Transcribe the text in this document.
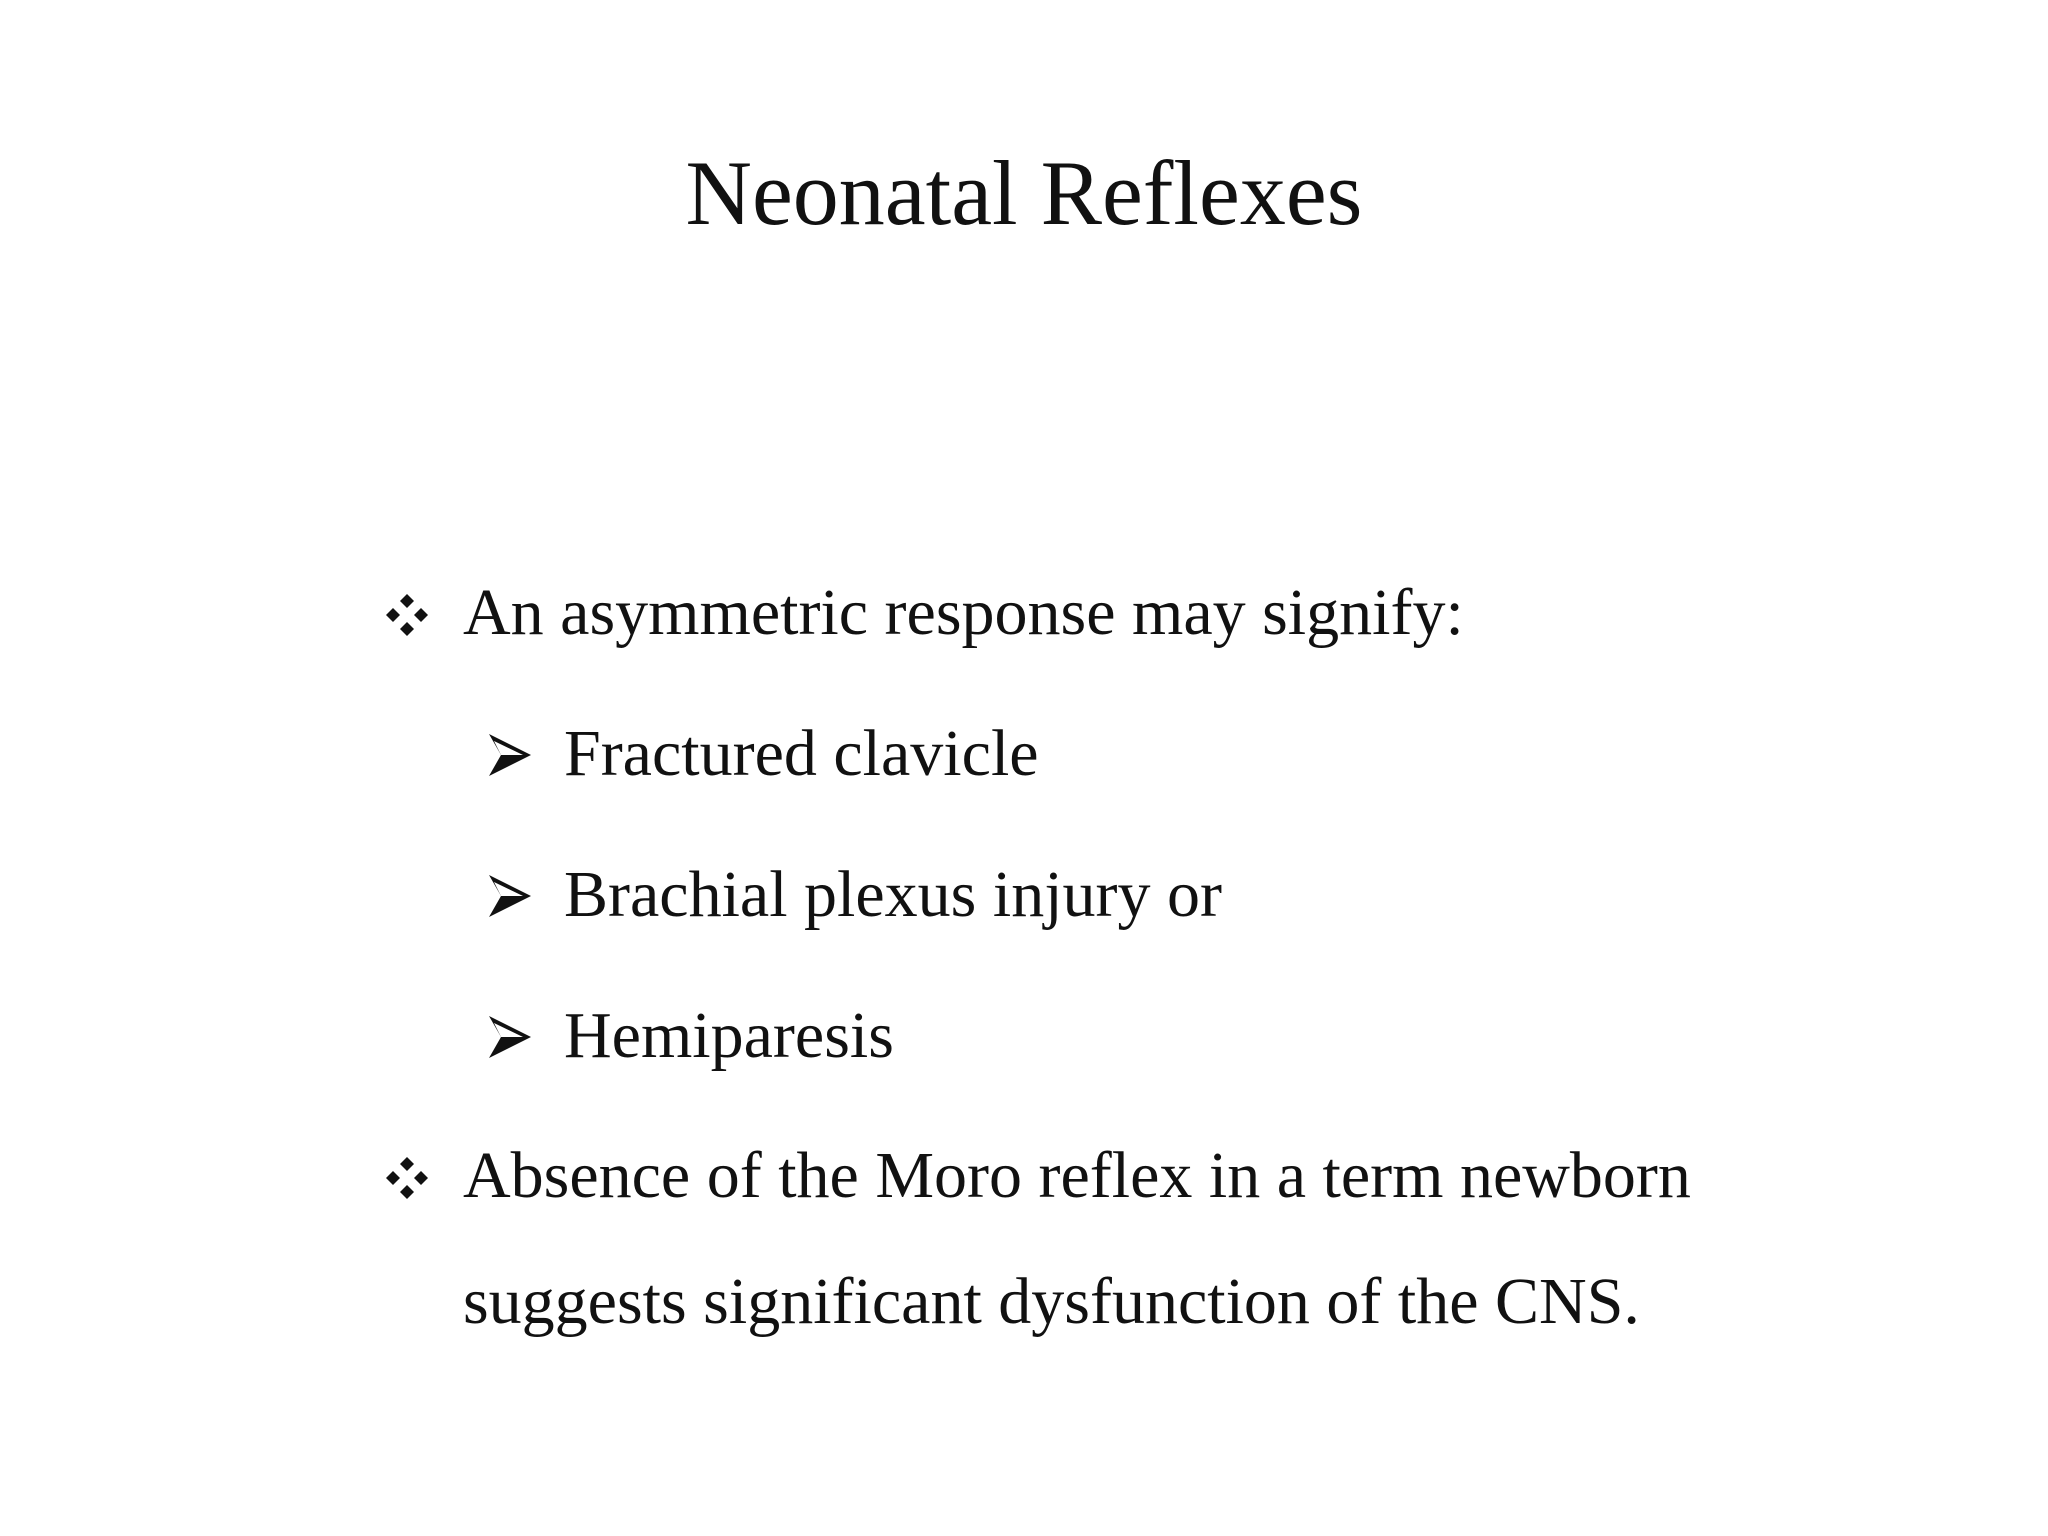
Neonatal Reflexes
An asymmetric response may signify:
Fractured clavicle
Brachial plexus injury or
Hemiparesis
Absence of the Moro reflex in a term newborn
suggests significant dysfunction of the CNS.
